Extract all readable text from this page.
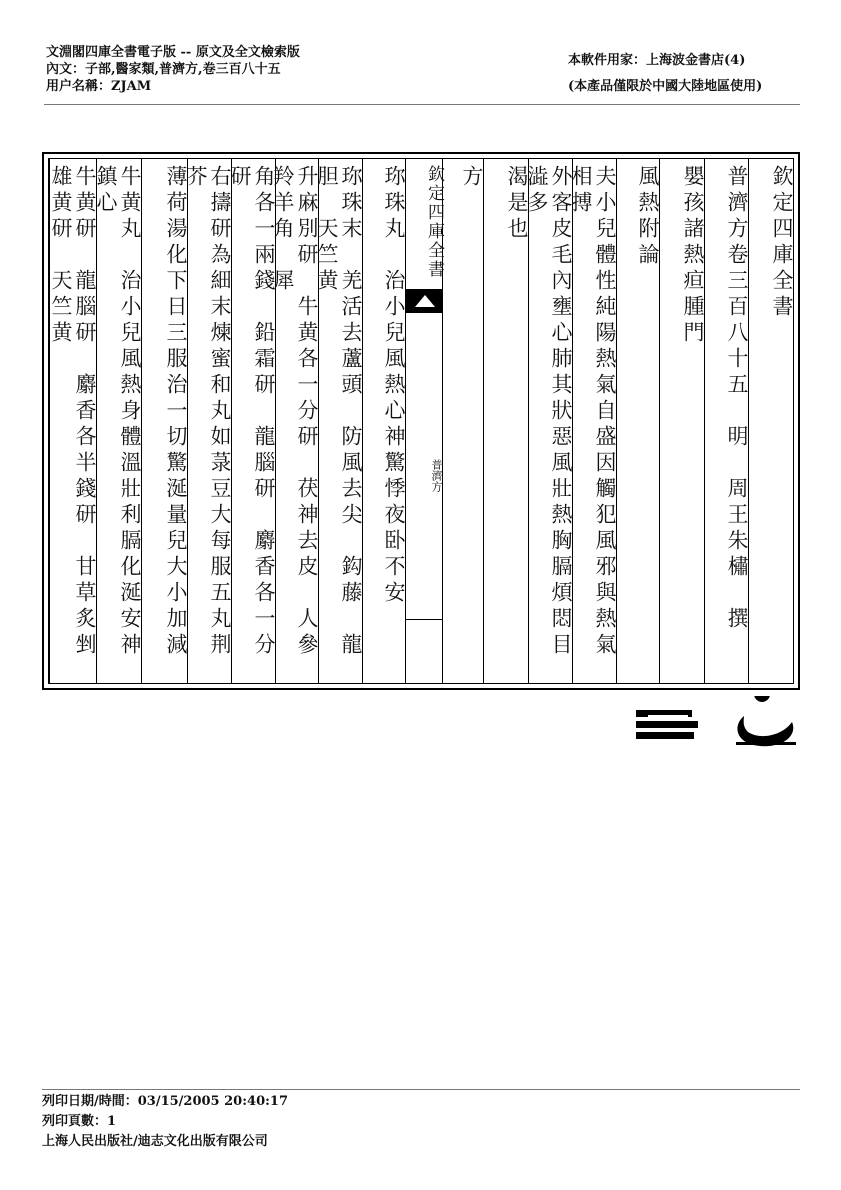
文淵閣四庫全書電子版 -- 原文及全文檢索版
內文：子部,醫家類,普濟方,卷三百八十五
用户名稱：ZJAM
本軟件用家：上海波金書店(4)
(本產品僅限於中國大陸地區使用)
欽定四庫全書
普濟方卷三百八十五　明　周王朱橚　撰
嬰孩諸熱疸腫門
風熱附論
夫小兒體性純陽熱氣自盛因觸犯風邪與熱氣相搏
外客皮毛內壅心肺其狀惡風壯熱胸膈煩悶目澁多
渴是也
方
欽定四庫全書
普濟方
珎珠丸　治小兒風熱心神驚悸夜卧不安
珎珠末　羌活去蘆頭　防風去尖　鈎藤　龍胆　天竺黄
升麻別研　牛黄各一分研　茯神去皮　人參　羚羊角　犀
角各一兩錢　鉛霜研　龍腦研　麝香各一分研
右擣研為細末煉蜜和丸如菉豆大每服五丸荆芥
薄荷湯化下日三服治一切驚涎量兒大小加減
牛黄丸　治小兒風熱身體溫壯利膈化涎安神鎮心
牛黄研　龍腦研　麝香各半錢研　甘草炙剉　雄黄研　天竺黄
列印日期/時間：03/15/2005 20:40:17
列印頁數：1
上海人民出版社/迪志文化出版有限公司
